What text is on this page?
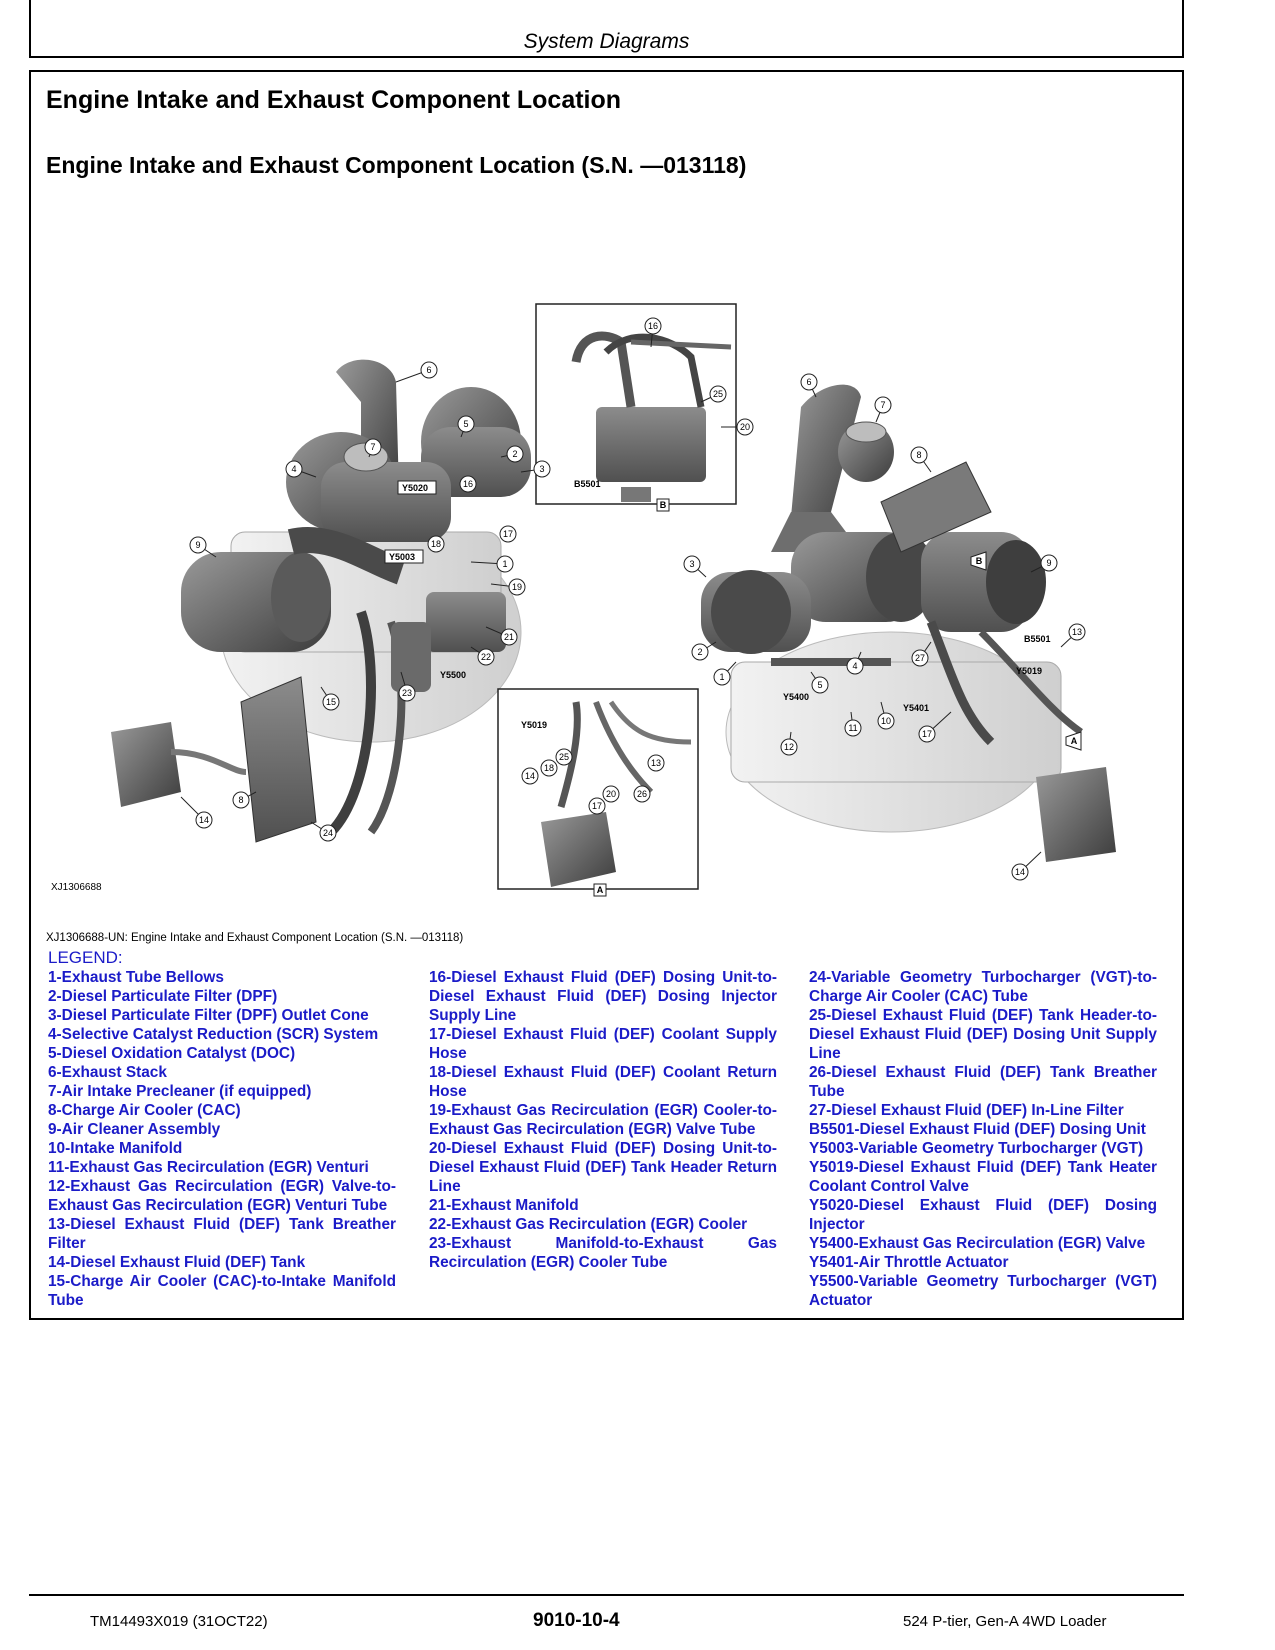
System Diagrams
Engine Intake and Exhaust Component Location
Engine Intake and Exhaust Component Location (S.N. —013118)
6
7
5
2
3
4
16
9	18
17
1
19
21
22
23
15
24
8
14
16
25
20
6
7
8
9
13
3
2
1
5
4
27
10
11
17
12
14
13
25
18
14
20 26
17
Y5020
Y5003
Y5500
B5501
Y5019
B5501
Y5019
Y5400
Y5401
B
A
B
A
XJ1306688
XJ1306688-UN: Engine Intake and Exhaust Component Location (S.N. —013118)
LEGEND:
1-Exhaust Tube Bellows
2-Diesel Particulate Filter (DPF)
3-Diesel Particulate Filter (DPF) Outlet Cone
4-Selective Catalyst Reduction (SCR) System
5-Diesel Oxidation Catalyst (DOC)
6-Exhaust Stack
7-Air Intake Precleaner (if equipped)
8-Charge Air Cooler (CAC)
9-Air Cleaner Assembly
10-Intake Manifold
11-Exhaust Gas Recirculation (EGR) Venturi
12-Exhaust Gas Recirculation (EGR) Valve-to-Exhaust Gas Recirculation (EGR) Venturi Tube
13-Diesel Exhaust Fluid (DEF) Tank Breather Filter
14-Diesel Exhaust Fluid (DEF) Tank
15-Charge Air Cooler (CAC)-to-Intake Manifold Tube
16-Diesel Exhaust Fluid (DEF) Dosing Unit-to-Diesel Exhaust Fluid (DEF) Dosing Injector Supply Line
17-Diesel Exhaust Fluid (DEF) Coolant Supply Hose
18-Diesel Exhaust Fluid (DEF) Coolant Return Hose
19-Exhaust Gas Recirculation (EGR) Cooler-to-Exhaust Gas Recirculation (EGR) Valve Tube
20-Diesel Exhaust Fluid (DEF) Dosing Unit-to-Diesel Exhaust Fluid (DEF) Tank Header Return Line
21-Exhaust Manifold
22-Exhaust Gas Recirculation (EGR) Cooler
23-Exhaust Manifold-to-Exhaust Gas Recirculation (EGR) Cooler Tube
24-Variable Geometry Turbocharger (VGT)-to-Charge Air Cooler (CAC) Tube
25-Diesel Exhaust Fluid (DEF) Tank Header-to-Diesel Exhaust Fluid (DEF) Dosing Unit Supply Line
26-Diesel Exhaust Fluid (DEF) Tank Breather Tube
27-Diesel Exhaust Fluid (DEF) In-Line Filter
B5501-Diesel Exhaust Fluid (DEF) Dosing Unit
Y5003-Variable Geometry Turbocharger (VGT)
Y5019-Diesel Exhaust Fluid (DEF) Tank Heater Coolant Control Valve
Y5020-Diesel Exhaust Fluid (DEF) Dosing Injector
Y5400-Exhaust Gas Recirculation (EGR) Valve
Y5401-Air Throttle Actuator
Y5500-Variable Geometry Turbocharger (VGT) Actuator
TM14493X019 (31OCT22)	9010-10-4	524 P-tier, Gen-A 4WD Loader
